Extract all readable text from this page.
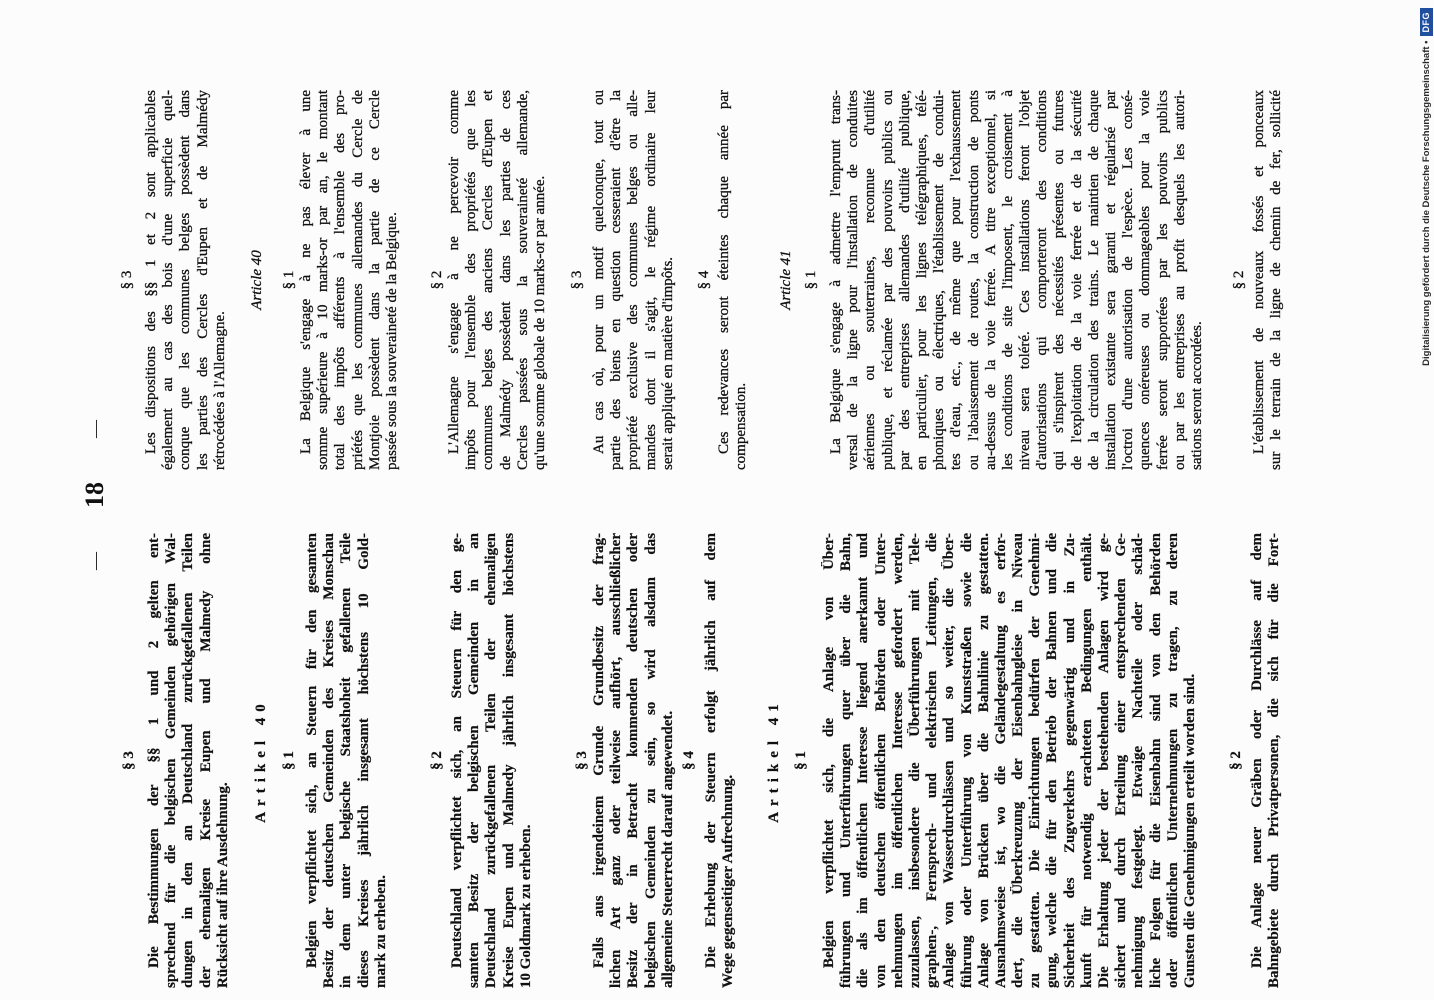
—
18
—
§ 3 Die Bestimmungen der §§ 1 und 2 gelten ent- sprechend für die belgischen Gemeinden gehörigen Wal- dungen in den an Deutschland zurückgefallenen Teilen der ehemaligen Kreise Eupen und Malmedy ohne Rücksicht auf ihre Ausdehnung.
Artikel 40 § 1 Belgien verpflichtet sich, an Steuern für den gesamten Besitz der deutschen Gemeinden des Kreises Monschau in dem unter belgische Staatshoheit gefallenen Teile dieses Kreises jährlich insgesamt höchstens 10 Gold- mark zu erheben.
§ 2 Deutschland verpflichtet sich, an Steuern für den ge- samten Besitz der belgischen Gemeinden in an Deutschland zurückgefallenen Teilen der ehemaligen Kreise Eupen und Malmedy jährlich insgesamt höchstens 10 Goldmark zu erheben.
§ 3 Falls aus irgendeinem Grunde Grundbesitz der frag- lichen Art ganz oder teilweise aufhört, ausschließlicher Besitz der in Betracht kommenden deutschen oder belgischen Gemeinden zu sein, so wird alsdann das allgemeine Steuerrecht darauf angewendet. § 4 Die Erhebung der Steuern erfolgt jährlich auf dem Wege gegenseitiger Aufrechnung.
Artikel 41 § 1 Belgien verpflichtet sich, die Anlage von Über- führungen und Unterführungen quer über die Bahn, die als im öffentlichen Interesse liegend anerkannt und von den deutschen öffentlichen Behörden oder Unter- nehmungen im öffentlichen Interesse gefordert werden, zuzulassen, insbesondere die Überführungen mit Tele- graphen-, Fernsprech- und elektrischen Leitungen, die Anlage von Wasserdurchlässen und so weiter, die Über- führung oder Unterführung von Kunststraßen sowie die Anlage von Brücken über die Bahnlinie zu gestatten. Ausnahmsweise ist, wo die Geländegestaltung es erfor- dert, die Überkreuzung der Eisenbahngleise in Niveau zu gestatten. Die Einrichtungen bedürfen der Genehmi- gung, welche die für den Betrieb der Bahnen und die Sicherheit des Zugverkehrs gegenwärtig und in Zu- kunft für notwendig erachteten Bedingungen enthält. Die Erhaltung jeder der bestehenden Anlagen wird ge- sichert und durch Erteilung einer entsprechenden Ge- nehmigung festgelegt. Etwaige Nachteile oder schäd- liche Folgen für die Eisenbahn sind von den Behörden oder öffentlichen Unternehmungen zu tragen, zu deren Gunsten die Genehmigungen erteilt worden sind. § 2 Die Anlage neuer Gräben oder Durchlässe auf dem Bahngebiete durch Privatpersonen, die sich für die Fort-
§ 3 Les dispositions des §§ 1 et 2 sont applicables également au cas des bois d'une superficie quel- conque que les communes belges possèdent dans les parties des Cercles d'Eupen et de Malmédy rétrocédées à l'Allemagne.
Article 40 § 1 La Belgique s'engage à ne pas élever à une somme supérieure à 10 marks-or par an, le montant total des impôts afférents à l'ensemble des pro- priétés que les communes allemandes du Cercle de Montjoie possèdent dans la partie de ce Cercle passée sous la souveraineté de la Belgique. § 2 L'Allemagne s'engage à ne percevoir comme impôts pour l'ensemble des propriétés que les communes belges des anciens Cercles d'Eupen et de Malmédy possèdent dans les parties de ces Cercles passées sous la souveraineté allemande, qu'une somme globale de 10 marks-or par année. § 3 Au cas où, pour un motif quelconque, tout ou partie des biens en question cesseraient d'être la propriété exclusive des communes belges ou alle- mandes dont il s'agit, le régime ordinaire leur serait appliqué en matière d'impôts. § 4 Ces redevances seront éteintes chaque année par compensation.
Article 41 § 1 La Belgique s'engage à admettre l'emprunt trans- versal de la ligne pour l'installation de conduites aériennes ou souterraines, reconnue d'utilité publique, et réclamée par des pouvoirs publics ou par des entreprises allemandes d'utilité publique, en particulier, pour les lignes télégraphiques, télé- phoniques ou électriques, l'établissement de condui- tes d'eau, etc., de même que pour l'exhaussement ou l'abaissement de routes, la construction de ponts au-dessus de la voie ferrée. A titre exceptionnel, si les conditions de site l'imposent, le croisement à niveau sera toléré. Ces installations feront l'objet d'autorisations qui comporteront des conditions qui s'inspirent des nécessités présentes ou futures de l'exploitation de la voie ferrée et de la sécurité de la circulation des trains. Le maintien de chaque installation existante sera garanti et régularisé par l'octroi d'une autorisation de l'espèce. Les consé- quences onéreuses ou dommageables pour la voie ferrée seront supportées par les pouvoirs publics ou par les entreprises au profit desquels les autori- sations seront accordées.
§ 2 L'établissement de nouveaux fossés et ponceaux sur le terrain de la ligne de chemin de fer, sollicité	Digitalisierung gefördert durch die Deutsche Forschungsgemeinschaft •
DFG
